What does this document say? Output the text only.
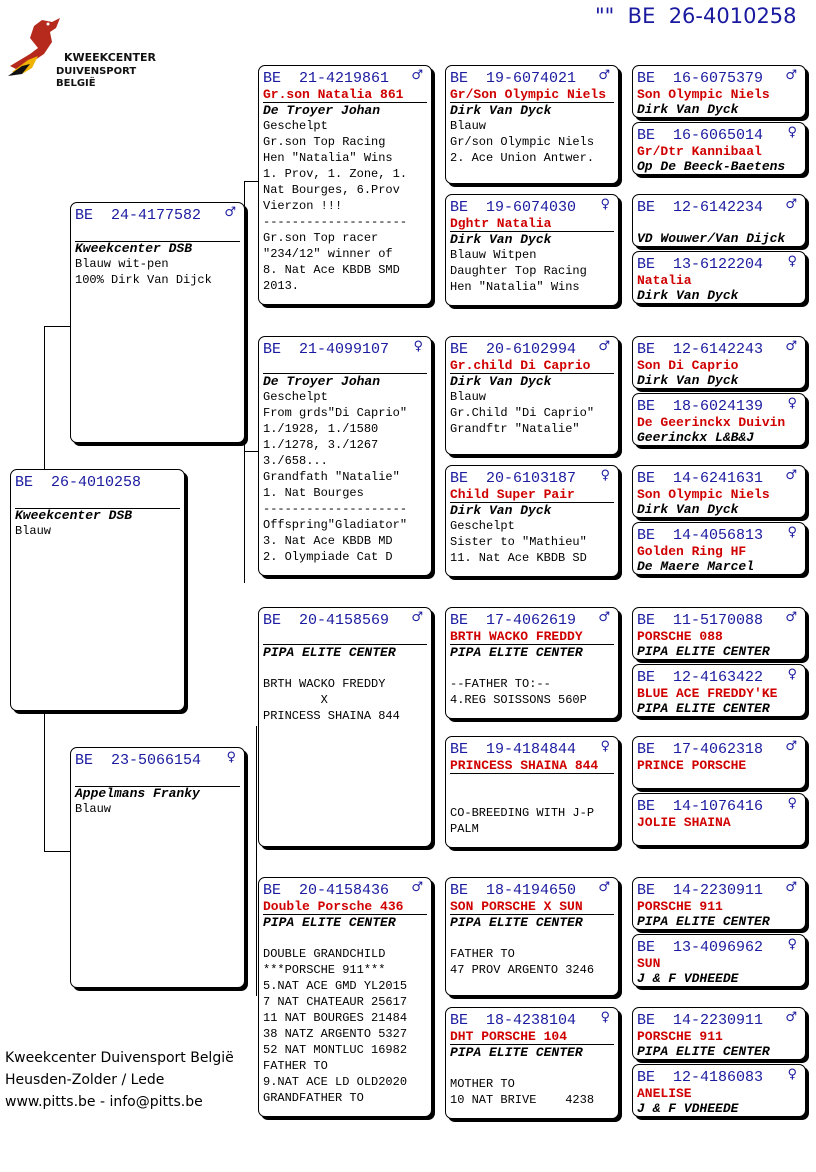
""  BE  26-4010258
KWEEKCENTER
DUIVENSPORT BELGIË
BE  26-4010258
Kweekcenter DSB
Blauw
BE  24-4177582 ♂
Kweekcenter DSB
Blauw wit-pen
100% Dirk Van Dijck
BE  23-5066154 ♀
Appelmans Franky
Blauw
BE  21-4219861 ♂
Gr.son Natalia 861
De Troyer Johan
Geschelpt
Gr.son Top Racing
Hen "Natalia" Wins
1. Prov, 1. Zone, 1.
Nat Bourges, 6.Prov
Vierzon !!!
--------------------
Gr.son Top racer
"234/12" winner of
8. Nat Ace KBDB SMD
2013.
BE  21-4099107 ♀
De Troyer Johan
Geschelpt
From grds"Di Caprio"
1./1928, 1./1580
1./1278, 3./1267
3./658...
Grandfath "Natalie"
1. Nat Bourges
--------------------
Offspring"Gladiator"
3. Nat Ace KBDB MD
2. Olympiade Cat D
BE  20-4158569 ♂
PIPA ELITE CENTER

BRTH WACKO FREDDY
X
PRINCESS SHAINA 844
BE  20-4158436 ♂
Double Porsche 436
PIPA ELITE CENTER

DOUBLE GRANDCHILD
***PORSCHE 911***
5.NAT ACE GMD YL2015
7 NAT CHATEAUR 25617
11 NAT BOURGES 21484
38 NATZ ARGENTO 5327
52 NAT MONTLUC 16982
FATHER TO
9.NAT ACE LD OLD2020
GRANDFATHER TO
BE  19-6074021 ♂
Gr/Son Olympic Niels
Dirk Van Dyck
Blauw
Gr/son Olympic Niels
2. Ace Union Antwer.
BE  19-6074030 ♀
Dghtr Natalia
Dirk Van Dyck
Blauw Witpen
Daughter Top Racing
Hen "Natalia" Wins
BE  20-6102994 ♂
Gr.child Di Caprio
Dirk Van Dyck
Blauw
Gr.Child "Di Caprio"
Grandftr "Natalie"
BE  20-6103187 ♀
Child Super Pair
Dirk Van Dyck
Geschelpt
Sister to "Mathieu"
11. Nat Ace KBDB SD
BE  17-4062619 ♂
BRTH WACKO FREDDY
PIPA ELITE CENTER

--FATHER TO:--
4.REG SOISSONS 560P
BE  19-4184844 ♀
PRINCESS SHAINA 844

CO-BREEDING WITH J-P
PALM
BE  18-4194650 ♂
SON PORSCHE X SUN
PIPA ELITE CENTER

FATHER TO
47 PROV ARGENTO 3246
BE  18-4238104 ♀
DHT PORSCHE 104
PIPA ELITE CENTER

MOTHER TO
10 NAT BRIVE    4238
BE  16-6075379 ♂
Son Olympic Niels
Dirk Van Dyck
BE  16-6065014 ♀
Gr/Dtr Kannibaal
Op De Beeck-Baetens
BE  12-6142234 ♂
VD Wouwer/Van Dijck
BE  13-6122204 ♀
Natalia
Dirk Van Dyck
BE  12-6142243 ♂
Son Di Caprio
Dirk Van Dyck
BE  18-6024139 ♀
De Geerinckx Duivin
Geerinckx L&B&J
BE  14-6241631 ♂
Son Olympic Niels
Dirk Van Dyck
BE  14-4056813 ♀
Golden Ring HF
De Maere Marcel
BE  11-5170088 ♂
PORSCHE 088
PIPA ELITE CENTER
BE  12-4163422 ♀
BLUE ACE FREDDY'KE
PIPA ELITE CENTER
BE  17-4062318 ♂
PRINCE PORSCHE
BE  14-1076416 ♀
JOLIE SHAINA
BE  14-2230911 ♂
PORSCHE 911
PIPA ELITE CENTER
BE  13-4096962 ♀
SUN
J & F VDHEEDE
BE  14-2230911 ♂
PORSCHE 911
PIPA ELITE CENTER
BE  12-4186083 ♀
ANELISE
J & F VDHEEDE
Kweekcenter Duivensport België
Heusden-Zolder / Lede
www.pitts.be - info@pitts.be
